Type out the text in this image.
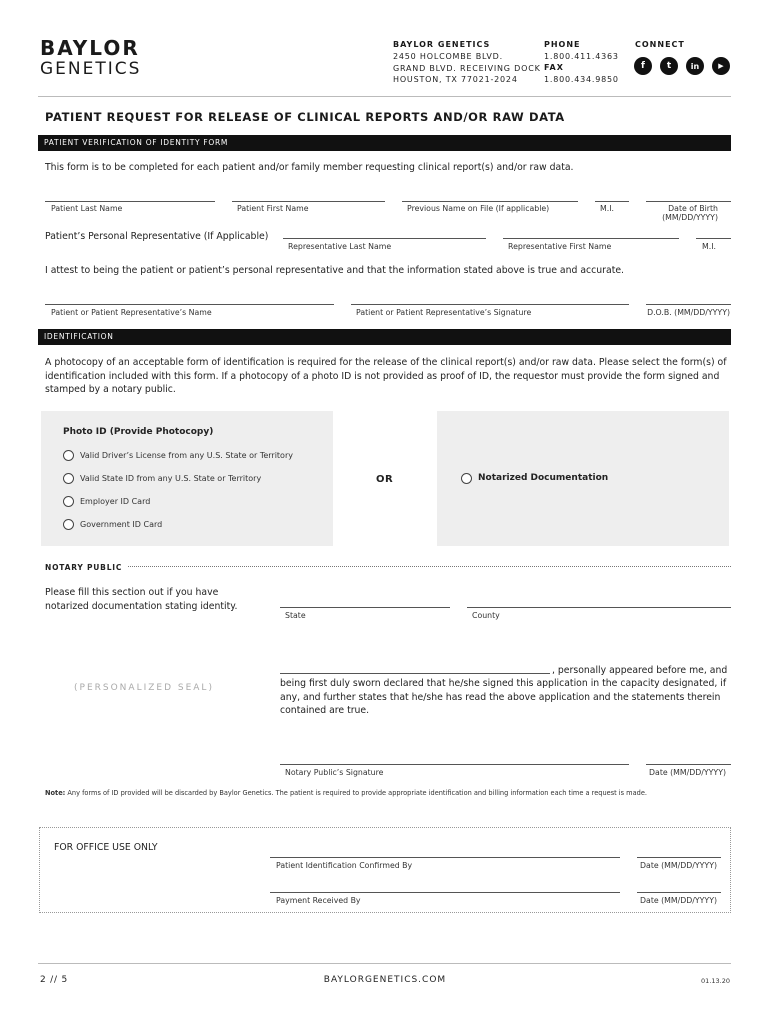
BAYLOR
GENETICS
BAYLOR GENETICS
2450 HOLCOMBE BLVD.
GRAND BLVD. RECEIVING DOCK
HOUSTON, TX 77021-2024
PHONE
1.800.411.4363
FAX
1.800.434.9850
CONNECT
f	t	in	▶
PATIENT REQUEST FOR RELEASE OF CLINICAL REPORTS AND/OR RAW DATA
PATIENT VERIFICATION OF IDENTITY FORM
This form is to be completed for each patient and/or family member requesting clinical report(s) and/or raw data.
Patient Last Name	Patient First Name	Previous Name on File (If applicable)	M.I.	Date of Birth
(MM/DD/YYYY)
Patient’s Personal Representative (If Applicable)
Representative Last Name	Representative First Name	M.I.
I attest to being the patient or patient’s personal representative and that the information stated above is true and accurate.
Patient or Patient Representative’s Name	Patient or Patient Representative’s Signature	D.O.B. (MM/DD/YYYY)
IDENTIFICATION
A photocopy of an acceptable form of identification is required for the release of the clinical report(s) and/or raw data. Please select the form(s) of identification included with this form. If a photocopy of a photo ID is not provided as proof of ID, the requestor must provide the form signed and stamped by a notary public.
Photo ID (Provide Photocopy)
Valid Driver’s License from any U.S. State or Territory
Valid State ID from any U.S. State or Territory
Employer ID Card
Government ID Card
OR	Notarized Documentation
NOTARY PUBLIC
Please fill this section out if you have notarized documentation stating identity.
State	County
(PERSONALIZED SEAL)
, personally appeared before me, and
being first duly sworn declared that he/she signed this application in the capacity designated, if any, and further states that he/she has read the above application and the statements therein contained are true.
Notary Public’s Signature	Date (MM/DD/YYYY)
Note: Any forms of ID provided will be discarded by Baylor Genetics. The patient is required to provide appropriate identification and billing information each time a request is made.
FOR OFFICE USE ONLY
Patient Identification Confirmed By	Date (MM/DD/YYYY)
Payment Received By	Date (MM/DD/YYYY)
2 // 5	BAYLORGENETICS.COM	01.13.20
